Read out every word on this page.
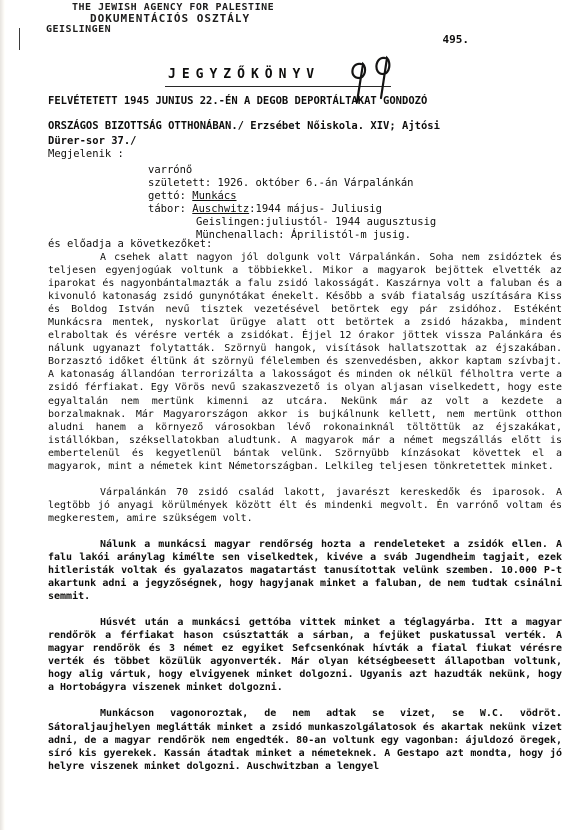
THE JEWISH AGENCY FOR PALESTINE
DOKUMENTÁCIÓS OSZTÁLY
GEISLINGEN
495.
JEGYZŐKÖNYV
FELVÉTETETT 1945 JUNIUS 22.-ÉN A DEGOB DEPORTÁLTAKAT GONDOZÓ
ORSZÁGOS BIZOTTSÁG OTTHONÁBAN./ Erzsébet Nőiskola. XIV; Ajtósi
Dürer-sor 37./
Megjelenik :
varrónő
született: 1926. október 6.-án Várpalánkán
gettó: Munkács
tábor: Auschwitz:1944 május- Juliusig
Geislingen:juliustól- 1944 augusztusig
Münchenallach: Áprilistól-m jusig.
és előadja a következőket:

A csehek alatt nagyon jól dolgunk volt Várpalánkán. Soha nem zsidóztek és teljesen egyenjogúak voltunk a többiekkel. Mikor a magyarok bejöttek elvették az iparokat és nagyonbántalmazták a falu zsidó lakosságát. Kaszárnya volt a faluban és a kivonuló katonaság zsidó gunynótákat énekelt. Később a sváb fiatalság uszítására Kiss és Boldog István nevű tisztek vezetésével betörtek egy pár zsidóhoz. Estéként Munkácsra mentek, nyskorlat ürügye alatt ott betörtek a zsidó házakba, mindent elraboltak és vérésre verték a zsidókat. Éjjel 12 órakor jöttek vissza Palánkára és nálunk ugyanazt folytatták. Szörnyü hangok, visítások hallatszottak az éjszakában. Borzasztó időket éltünk át szörnyü félelemben és szenvedésben, akkor kaptam szívbajt. A katonaság állandóan terrorizálta a lakosságot és minden ok nélkül félholtra verte a zsidó férfiakat. Egy Vörös nevű szakaszvezető is olyan aljasan viselkedett, hogy este egyaltalán nem mertünk kimenni az utcára. Nekünk már az volt a kezdete a borzalmaknak. Már Magyarországon akkor is bujkálnunk kellett, nem mertünk otthon aludni hanem a környező városokban lévő rokonainknál töltöttük az éjszakákat, istállókban, széksellatokban aludtunk. A magyarok már a német megszállás előtt is embertelenül és kegyetlenül bántak velünk. Szörnyübb kínzásokat követtek el a magyarok, mint a németek kint Németországban. Lelkileg teljesen tönkretettek minket.

Várpalánkán 70 zsidó család lakott, javarészt kereskedők és iparosok. A legtöbb jó anyagi körülmények között élt és mindenki megvolt. Én varrónő voltam és megkerestem, amire szükségem volt.

Nálunk a munkácsi magyar rendőrség hozta a rendeleteket a zsidók ellen. A falu lakói aránylag kimélte sen viselkedtek, kivéve a sváb Jugendheim tagjait, ezek hitleristák voltak és gyalazatos magatartást tanusítottak velünk szemben. 10.000 P-t akartunk adni a jegyzőségnek, hogy hagyjanak minket a faluban, de nem tudtak csinálni semmit.

Húsvét után a munkácsi gettóba vittek minket a téglagyárba. Itt a magyar rendőrök a férfiakat hason csúsztatták a sárban, a fejüket puskatussal verték. A magyar rendőrök és 3 német ez egyiket Sefcsenkónak hívták a fiatal fiukat vérésre verték és többet közülük agyonverték. Már olyan kétségbeesett állapotban voltunk, hogy alig vártuk, hogy elvigyenek minket dolgozni. Ugyanis azt hazudták nekünk, hogy a Hortobágyra viszenek minket dolgozni.

Munkácson vagonoroztak, de nem adtak se vizet, se W.C. vödröt. Sátoraljaujhelyen meglátták minket a zsidó munkaszolgálatosok és akartak nekünk vizet adni, de a magyar rendőrök nem engedték. 80-an voltunk egy vagonban: ájuldozó öregek, síró kis gyerekek. Kassán átadtak minket a németeknek. A Gestapo azt mondta, hogy jó helyre viszenek minket dolgozni. Auschwitzban a lengyel
